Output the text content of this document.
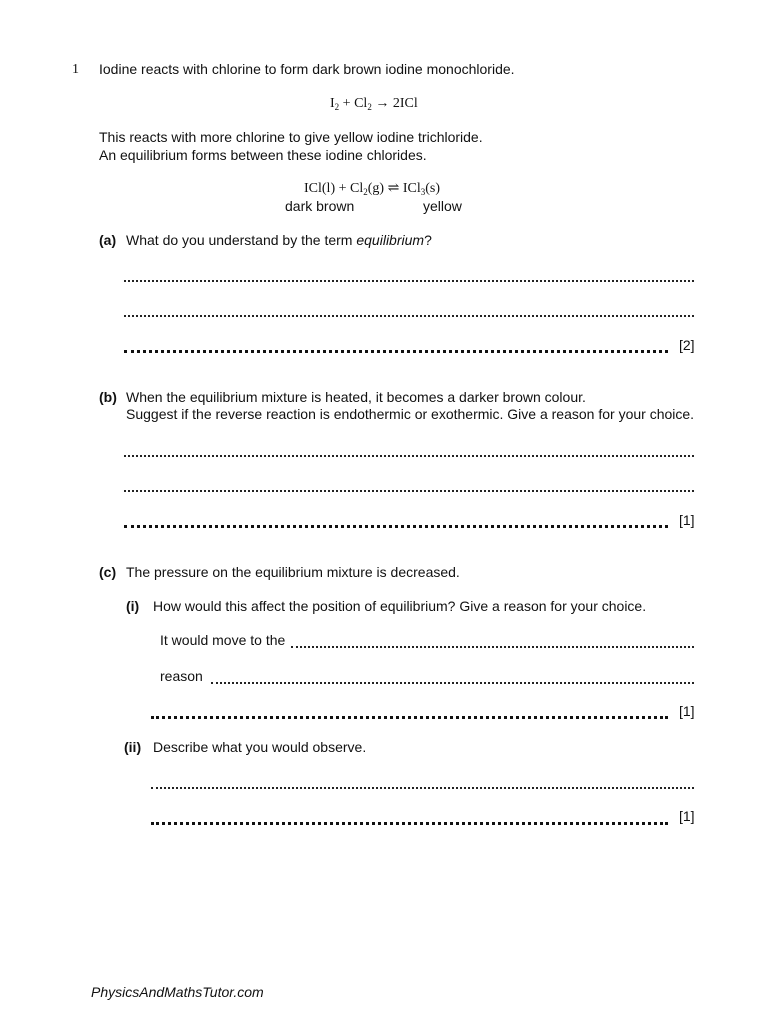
1 Iodine reacts with chlorine to form dark brown iodine monochloride.
$I_2 + Cl_2 \to 2ICl$
This reacts with more chlorine to give yellow iodine trichloride.
An equilibrium forms between these iodine chlorides.
$ICl(l) + Cl_2(g)$ ⇌ ICl$_3$(s)
dark brown	yellow
(a) What do you understand by the term equilibrium?
[2]
(b) When the equilibrium mixture is heated, it becomes a darker brown colour.
Suggest if the reverse reaction is endothermic or exothermic. Give a reason for your choice.
[1]
(c) The pressure on the equilibrium mixture is decreased.
(i) How would this affect the position of equilibrium? Give a reason for your choice.
It would move to the
reason
[1]
(ii) Describe what you would observe.
[1]
PhysicsAndMathsTutor.com
